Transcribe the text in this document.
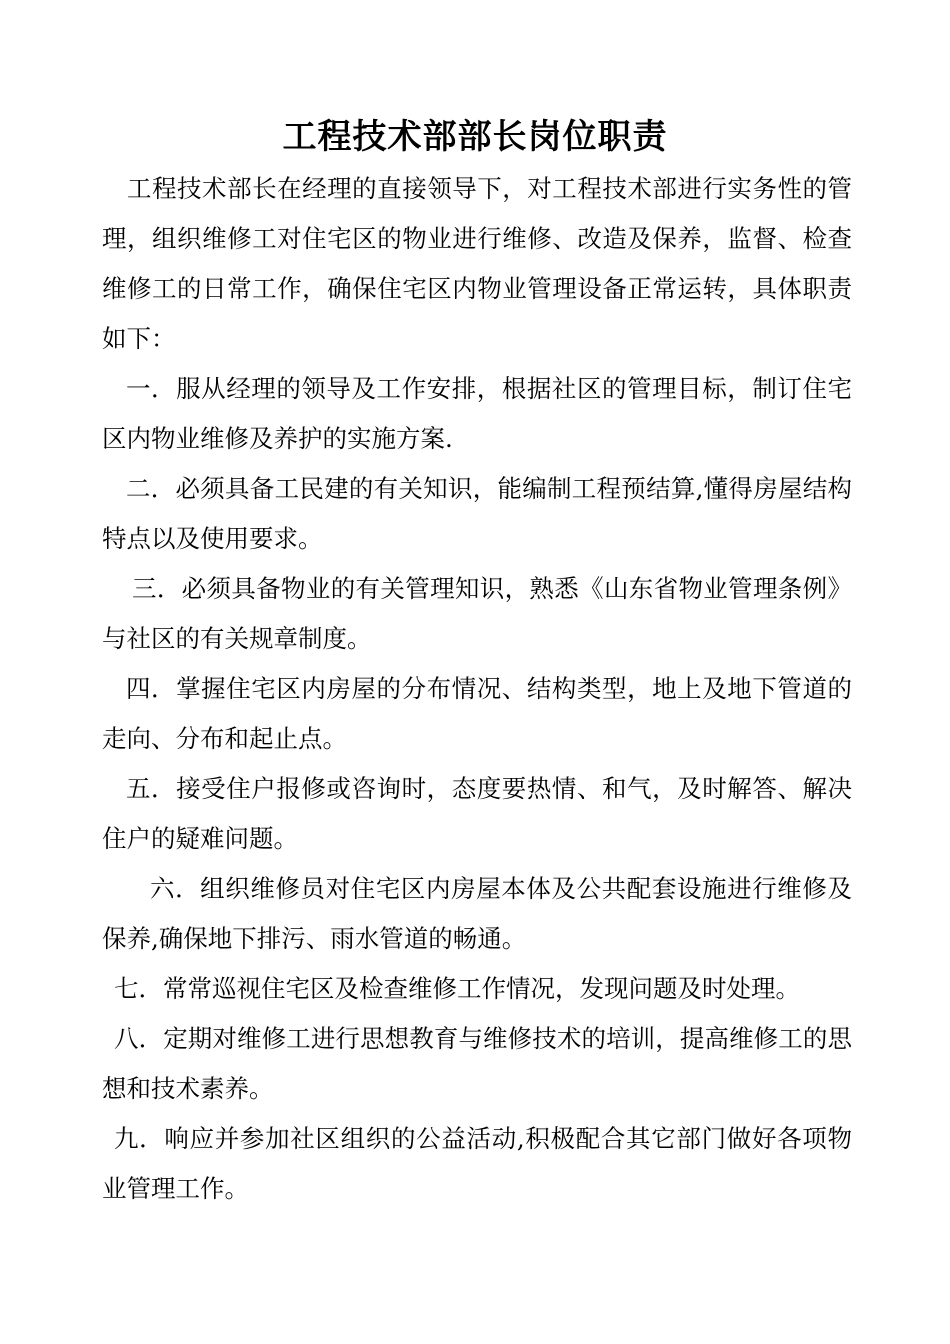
工程技术部部长岗位职责

工程技术部长在经理的直接领导下，对工程技术部进行实务性的管理，组织维修工对住宅区的物业进行维修、改造及保养，监督、检查维修工的日常工作，确保住宅区内物业管理设备正常运转，具体职责如下：

一．服从经理的领导及工作安排，根据社区的管理目标，制订住宅区内物业维修及养护的实施方案.

二．必须具备工民建的有关知识，能编制工程预结算,懂得房屋结构特点以及使用要求。

三．必须具备物业的有关管理知识，熟悉《山东省物业管理条例》与社区的有关规章制度。

四．掌握住宅区内房屋的分布情况、结构类型，地上及地下管道的走向、分布和起止点。

五．接受住户报修或咨询时，态度要热情、和气，及时解答、解决住户的疑难问题。

六．组织维修员对住宅区内房屋本体及公共配套设施进行维修及保养,确保地下排污、雨水管道的畅通。

七．常常巡视住宅区及检查维修工作情况，发现问题及时处理。

八．定期对维修工进行思想教育与维修技术的培训，提高维修工的思想和技术素养。

九．响应并参加社区组织的公益活动,积极配合其它部门做好各项物业管理工作。
